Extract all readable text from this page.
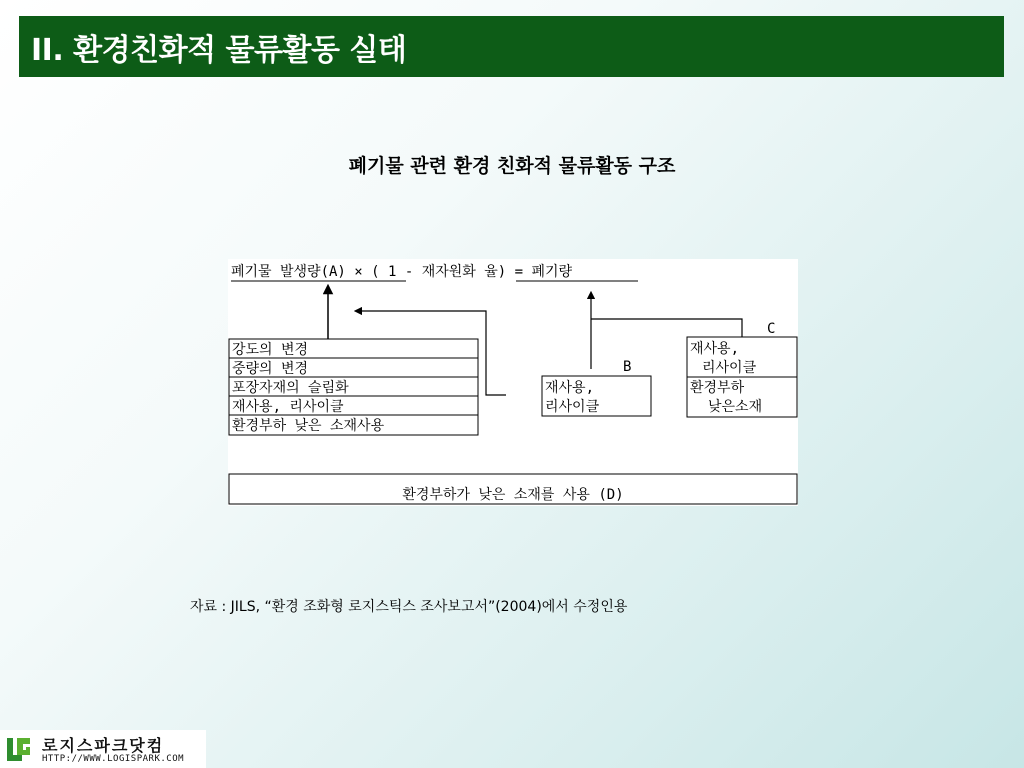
II. 환경친화적 물류활동 실태
폐기물 관련 환경 친화적 물류활동 구조
폐기물 발생량(A) × ( 1 - 재자원화 율) = 폐기량
강도의 변경
중량의 변경
포장자재의 슬림화
재사용, 리사이클
환경부하 낮은 소재사용
재사용,
리사이클
B
재사용,
리사이클
환경부하
낮은소재
C
환경부하가 낮은 소재를 사용 (D)
자료 : JILS, “환경 조화형 로지스틱스 조사보고서”(2004)에서 수정인용
로지스파크닷컴
HTTP://WWW.LOGISPARK.COM
